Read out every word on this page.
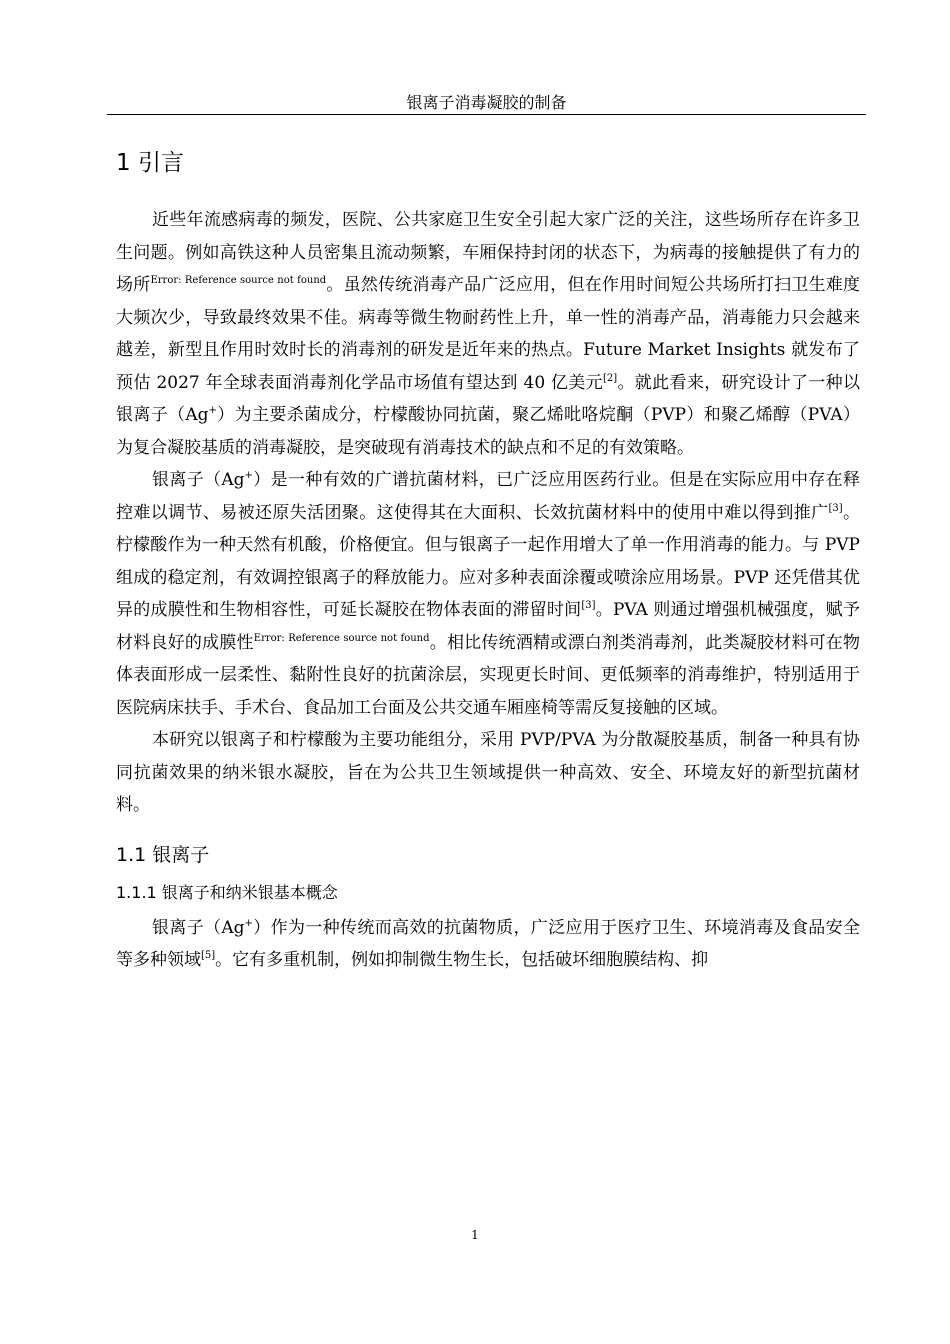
银离子消毒凝胶的制备
1 引言

近些年流感病毒的频发，医院、公共家庭卫生安全引起大家广泛的关注，这些场所存在许多卫生问题。例如高铁这种人员密集且流动频繁，车厢保持封闭的状态下，为病毒的接触提供了有力的场所$^{Error: Reference source not found}$。虽然传统消毒产品广泛应用，但在作用时间短公共场所打扫卫生难度大频次少，导致最终效果不佳。病毒等微生物耐药性上升，单一性的消毒产品，消毒能力只会越来越差，新型且作用时效时长的消毒剂的研发是近年来的热点。Future Market Insights 就发布了预估 2027 年全球表面消毒剂化学品市场值有望达到 40 亿美元[2]。就此看来，研究设计了一种以银离子（Ag+）为主要杀菌成分，柠檬酸协同抗菌，聚乙烯吡咯烷酮（PVP）和聚乙烯醇（PVA）为复合凝胶基质的消毒凝胶，是突破现有消毒技术的缺点和不足的有效策略。

银离子（Ag+）是一种有效的广谱抗菌材料，已广泛应用医药行业。但是在实际应用中存在释控难以调节、易被还原失活团聚。这使得其在大面积、长效抗菌材料中的使用中难以得到推广[3]。柠檬酸作为一种天然有机酸，价格便宜。但与银离子一起作用增大了单一作用消毒的能力。与 PVP 组成的稳定剂，有效调控银离子的释放能力。应对多种表面涂覆或喷涂应用场景。PVP 还凭借其优异的成膜性和生物相容性，可延长凝胶在物体表面的滞留时间[3]。PVA 则通过增强机械强度，赋予材料良好的成膜性$^{Error: Reference source not found}$。相比传统酒精或漂白剂类消毒剂，此类凝胶材料可在物体表面形成一层柔性、黏附性良好的抗菌涂层，实现更长时间、更低频率的消毒维护，特别适用于医院病床扶手、手术台、食品加工台面及公共交通车厢座椅等需反复接触的区域。

本研究以银离子和柠檬酸为主要功能组分，采用 PVP/PVA 为分散凝胶基质，制备一种具有协同抗菌效果的纳米银水凝胶，旨在为公共卫生领域提供一种高效、安全、环境友好的新型抗菌材料。

1.1 银离子
1.1.1 银离子和纳米银基本概念

银离子（Ag+）作为一种传统而高效的抗菌物质，广泛应用于医疗卫生、环境消毒及食品安全等多种领域[5]。它有多重机制，例如抑制微生物生长，包括破坏细胞膜结构、抑

1
